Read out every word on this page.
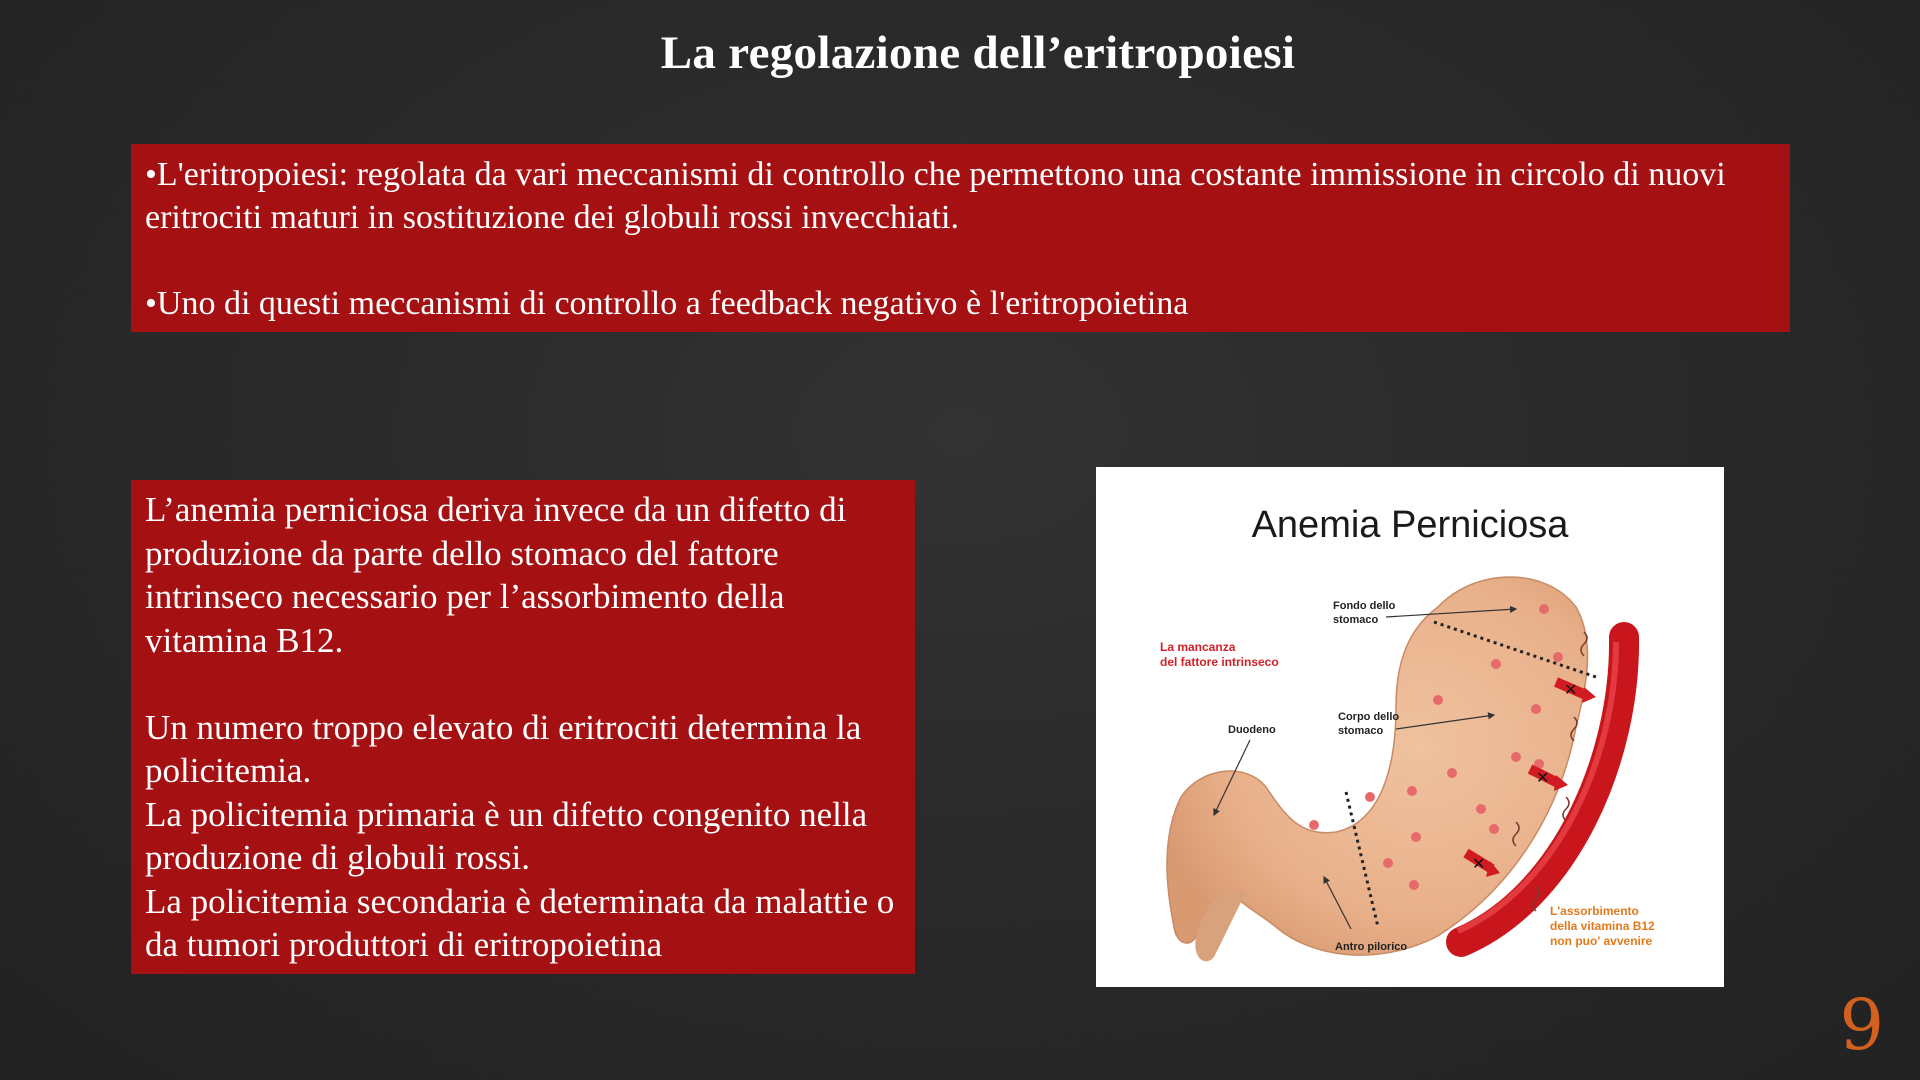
La regolazione dell’eritropoiesi

•L'eritropoiesi: regolata da vari meccanismi di controllo che permettono una costante immissione in circolo di nuovi eritrociti maturi in sostituzione dei globuli rossi invecchiati.

•Uno di questi meccanismi di controllo a feedback negativo è l'eritropoietina

L’anemia perniciosa deriva invece da un difetto di produzione da parte dello stomaco del fattore intrinseco necessario per l’assorbimento della vitamina B12.

Un numero troppo elevato di eritrociti determina la policitemia.

La policitemia primaria è un difetto congenito nella produzione di globuli rossi.

La policitemia secondaria è determinata da malattie o da tumori produttori di eritropoietina

Anemia Perniciosa
✕
✕
✕
Fondo dello
stomaco
La mancanza
del fattore intrinseco
Corpo dello
stomaco
Duodeno
Antro pilorico
L'assorbimento
della vitamina B12
non puo' avvenire
9
